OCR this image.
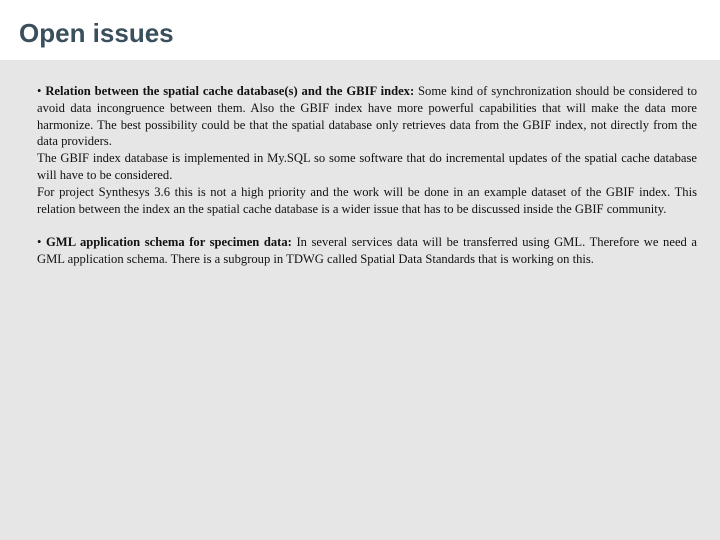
Open issues

• Relation between the spatial cache database(s) and the GBIF index: Some kind of synchronization should be considered to avoid data incongruence between them. Also the GBIF index have more powerful capabilities that will make the data more harmonize. The best possibility could be that the spatial database only retrieves data from the GBIF index, not directly from the data providers.

The GBIF index database is implemented in My.SQL so some software that do incremental updates of the spatial cache database will have to be considered.

For project Synthesys 3.6 this is not a high priority and the work will be done in an example dataset of the GBIF index. This relation between the index an the spatial cache database is a wider issue that has to be discussed inside the GBIF community.

• GML application schema for specimen data: In several services data will be transferred using GML. Therefore we need a GML application schema. There is a subgroup in TDWG called Spatial Data Standards that is working on this.
